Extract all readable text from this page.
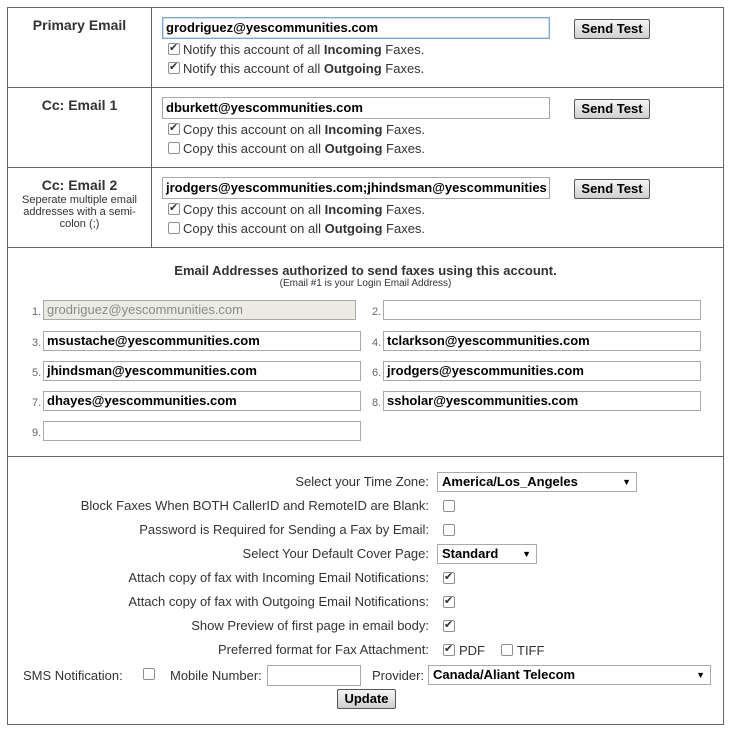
Primary Email	grodriguez@yescommunities.com	Send Test
✔
Notify this account of all Incoming Faxes.
✔
Notify this account of all Outgoing Faxes.
Cc: Email 1	dburkett@yescommunities.com	Send Test
✔
Copy this account on all Incoming Faxes.
Copy this account on all Outgoing Faxes.
Cc: Email 2
Seperate multiple email addresses with a semi-colon (;)
jrodgers@yescommunities.com;jhindsman@yescommunities	Send Test
✔
Copy this account on all Incoming Faxes.
Copy this account on all Outgoing Faxes.
Email Addresses authorized to send faxes using this account.
(Email #1 is your Login Email Address)
1. grodriguez@yescommunities.com	2.
3. msustache@yescommunities.com	4. tclarkson@yescommunities.com
5. jhindsman@yescommunities.com	6. jrodgers@yescommunities.com
7. dhayes@yescommunities.com	8. ssholar@yescommunities.com
9.
Select your Time Zone:	America/Los_Angeles	▼
Block Faxes When BOTH CallerID and RemoteID are Blank:
Password is Required for Sending a Fax by Email:
Select Your Default Cover Page:	Standard	▼
Attach copy of fax with Incoming Email Notifications:
✔
Attach copy of fax with Outgoing Email Notifications:
✔
Show Preview of first page in email body:
✔
Preferred format for Fax Attachment:
✔ PDF TIFF
SMS Notification:	Mobile Number:	Provider: Canada/Aliant Telecom	▼
Update
